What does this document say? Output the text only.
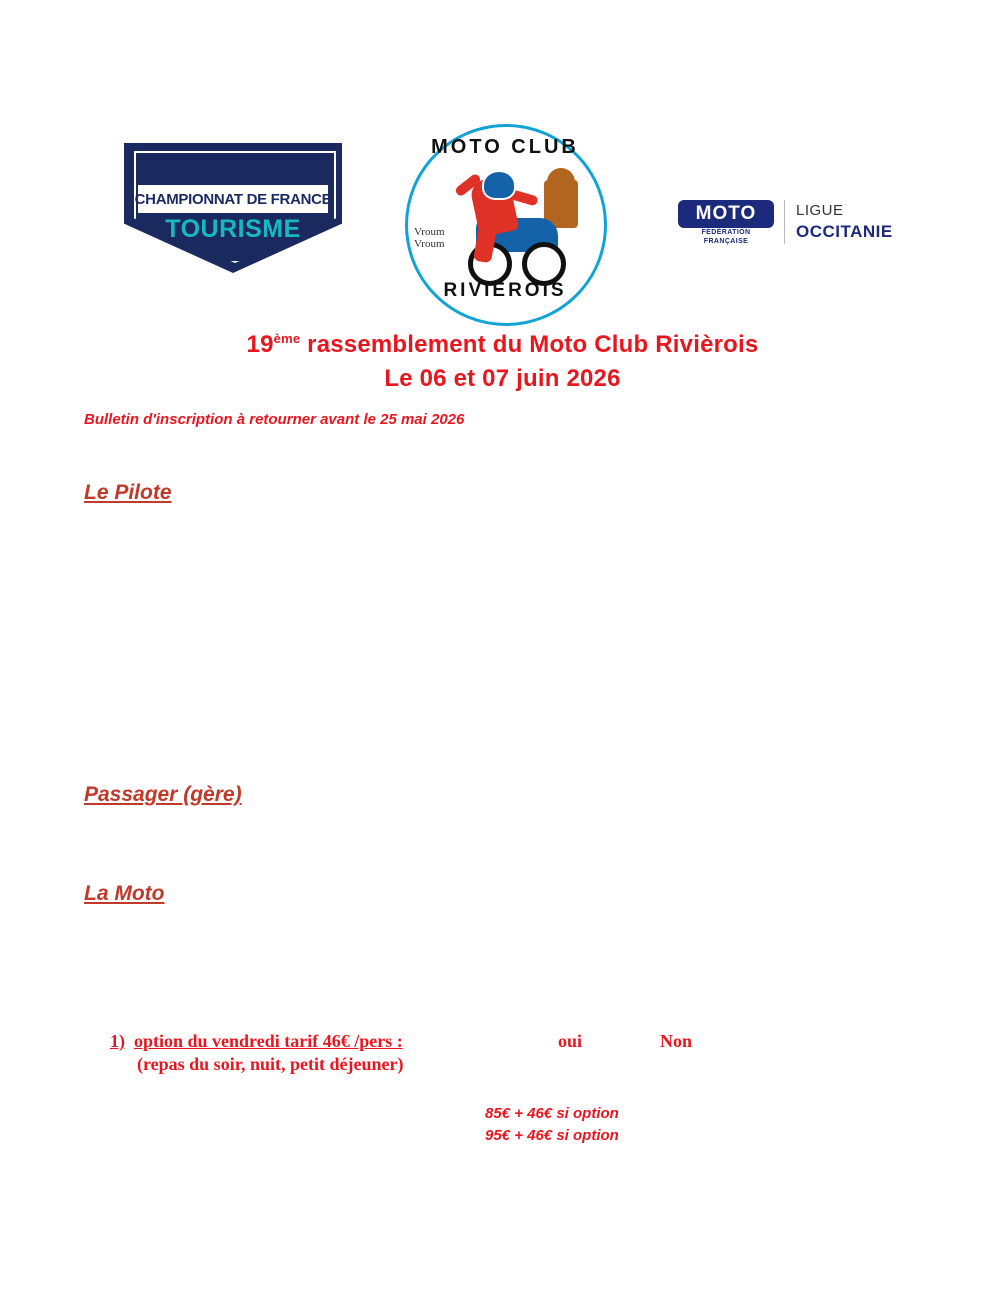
CHAMPIONNAT DE FRANCE
TOURISME	Vroum
Vroum
MOTO CLUB
RIVIEROIS
MOTO
FÉDÉRATION
FRANÇAISE
LIGUE
OCCITANIE
19ème rassemblement du Moto Club Rivièrois
Le 06 et 07 juin 2026
Bulletin d'inscription à retourner avant le 25 mai 2026
Le Pilote
Passager (gère)
La Moto
1) option du vendredi tarif 46€ /pers :	oui	Non
(repas du soir, nuit, petit déjeuner)
85€ + 46€ si option
95€ + 46€ si option
